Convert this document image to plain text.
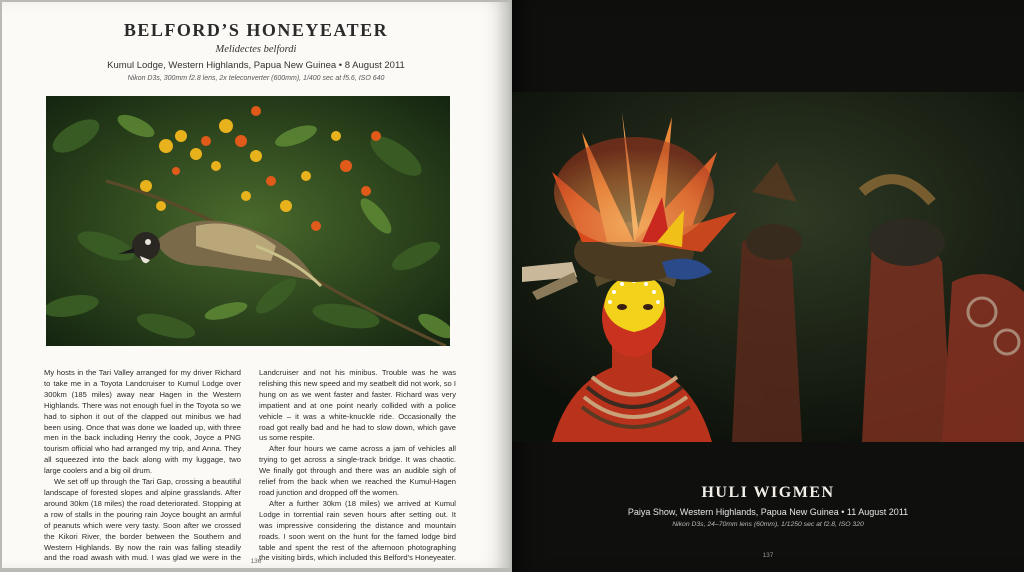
BELFORD’S HONEYEATER
Melidectes belfordi
Kumul Lodge, Western Highlands, Papua New Guinea • 8 August 2011
Nikon D3s, 300mm f2.8 lens, 2x teleconverter (600mm), 1/400 sec at f5.6, ISO 640

My hosts in the Tari Valley arranged for my driver Richard to take me in a Toyota Landcruiser to Kumul Lodge over 300km (185 miles) away near Hagen in the Western Highlands. There was not enough fuel in the Toyota so we had to siphon it out of the clapped out minibus we had been using. Once that was done we loaded up, with three men in the back including Henry the cook, Joyce a PNG tourism official who had arranged my trip, and Anna. They all squeezed into the back along with my luggage, two large coolers and a big oil drum.

We set off up through the Tari Gap, crossing a beautiful landscape of forested slopes and alpine grasslands. After around 30km (18 miles) the road deteriorated. Stopping at a row of stalls in the pouring rain Joyce bought an armful of peanuts which were very tasty. Soon after we crossed the Kikori River, the border between the Southern and Western Highlands. By now the rain was falling steadily and the road awash with mud. I was glad we were in the Landcruiser and not his minibus. Trouble was he was relishing this new speed and my seatbelt did not work, so I hung on as we went faster and faster. Richard was very impatient and at one point nearly collided with a police vehicle – it was a white-knuckle ride. Occasionally the road got really bad and he had to slow down, which gave us some respite.

After four hours we came across a jam of vehicles all trying to get across a single-track bridge. It was chaotic. We finally got through and there was an audible sigh of relief from the back when we reached the Kumul-Hagen road junction and dropped off the women.

After a further 30km (18 miles) we arrived at Kumul Lodge in torrential rain seven hours after setting out. It was impressive considering the distance and mountain roads. I soon went on the hunt for the famed lodge bird table and spent the rest of the afternoon photographing the visiting birds, which included this Belford’s Honeyeater.

136
HULI WIGMEN
Paiya Show, Western Highlands, Papua New Guinea • 11 August 2011
Nikon D3s, 24–70mm lens (60mm), 1/1250 sec at f2.8, ISO 320
137
